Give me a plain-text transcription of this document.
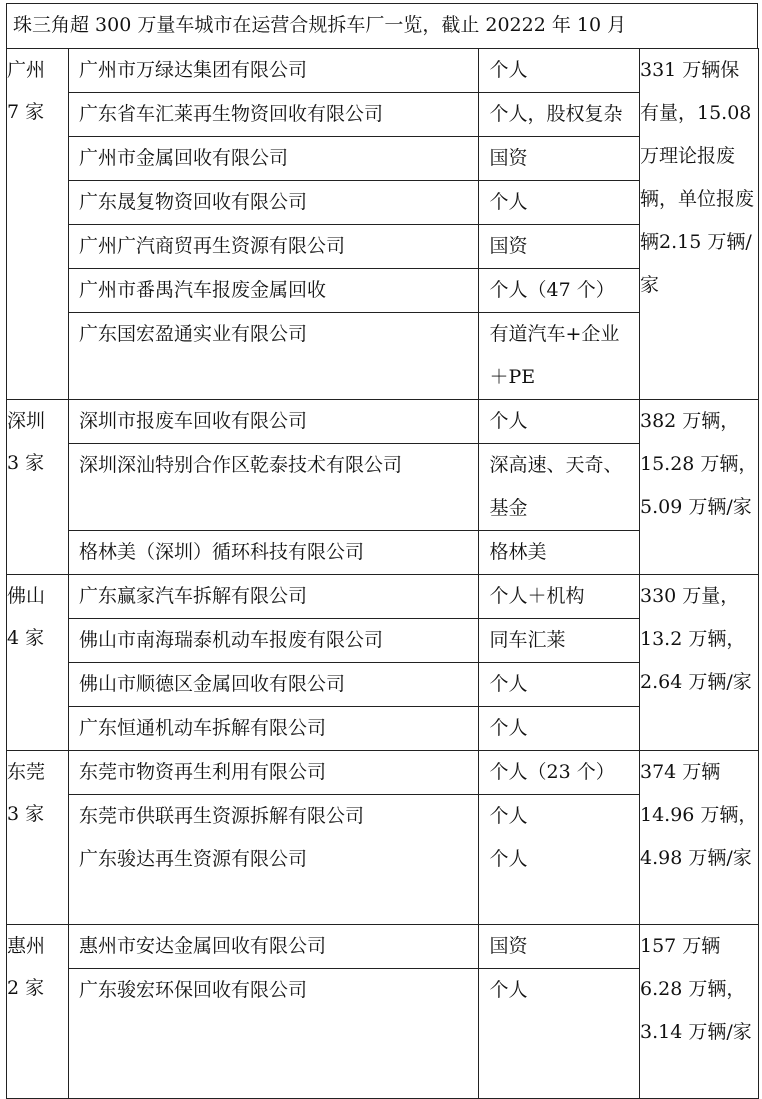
珠三角超 300 万量车城市在运营合规拆车厂一览，截止 20222 年 10 月
广州
7 家	
广州市万绿达集团有限公司	个人
广东省车汇莱再生物资回收有限公司	个人，股权复杂
广州市金属回收有限公司	国资
广东晟复物资回收有限公司	个人
广州广汽商贸再生资源有限公司	国资
广州市番禺汽车报废金属回收	个人（47 个）
广东国宏盈通实业有限公司	有道汽车+企业＋PE
	331 万辆保有量，15.08 万理论报废辆，单位报废辆2.15 万辆/家
深圳
3 家	
深圳市报废车回收有限公司	个人
深圳深汕特别合作区乾泰技术有限公司	深高速、天奇、基金
格林美（深圳）循环科技有限公司	格林美
	382 万辆，15.28 万辆，5.09 万辆/家
佛山
4 家	
广东赢家汽车拆解有限公司	个人＋机构
佛山市南海瑞泰机动车报废有限公司	同车汇莱
佛山市顺德区金属回收有限公司	个人
广东恒通机动车拆解有限公司	个人
	330 万量，13.2 万辆，2.64 万辆/家
东莞
3 家	
东莞市物资再生利用有限公司	个人（23 个）
东莞市供联再生资源拆解有限公司	个人
广东骏达再生资源有限公司	个人
	374 万辆 14.96 万辆，4.98 万辆/家
惠州
2 家	
惠州市安达金属回收有限公司	国资
广东骏宏环保回收有限公司	个人
	157 万辆 6.28 万辆，3.14 万辆/家
